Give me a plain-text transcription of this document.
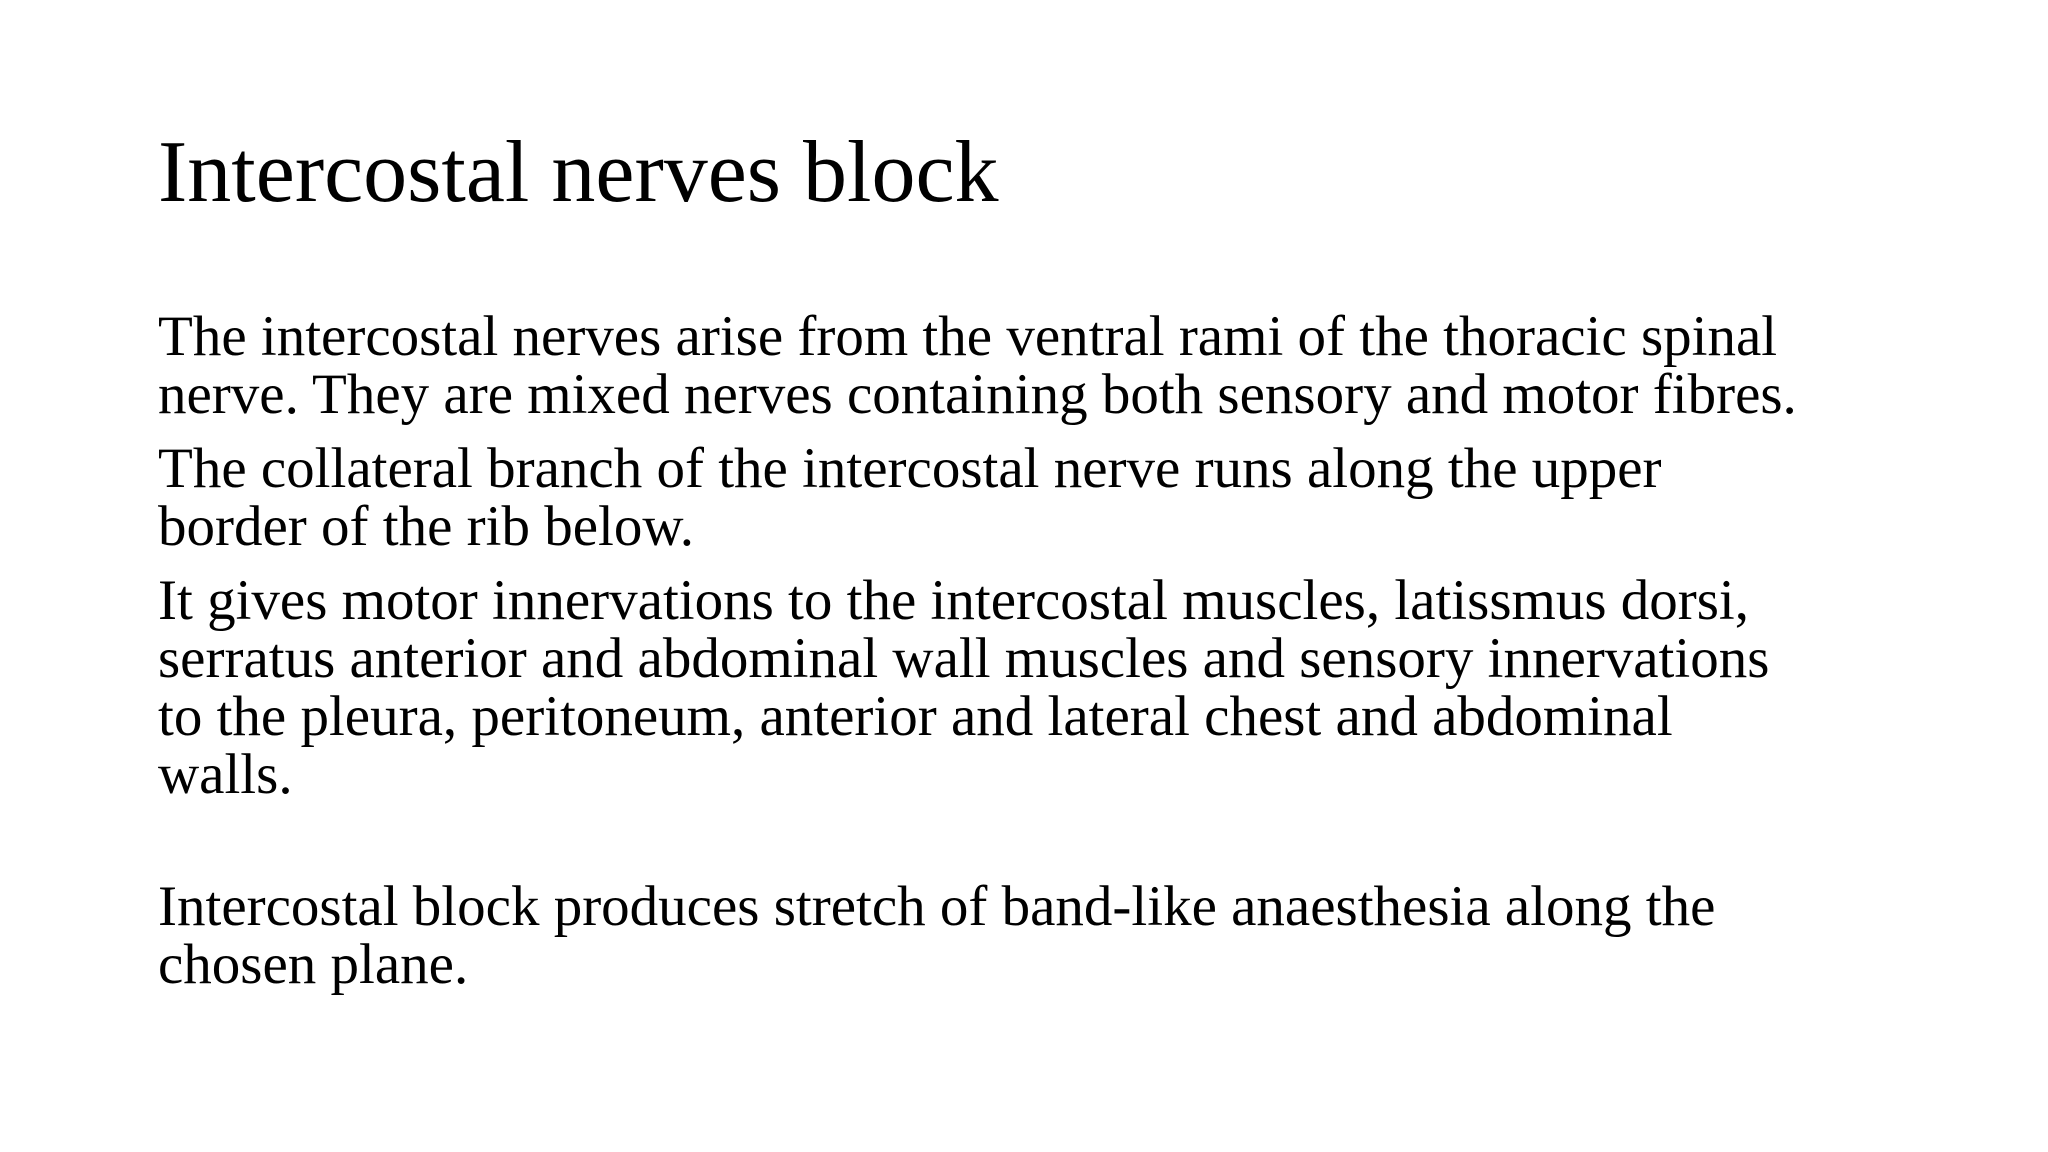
Intercostal nerves block

The intercostal nerves arise from the ventral rami of the thoracic spinal
nerve. They are mixed nerves containing both sensory and motor fibres.

The collateral branch of the intercostal nerve runs along the upper
border of the rib below.

It gives motor innervations to the intercostal muscles, latissmus dorsi,
serratus anterior and abdominal wall muscles and sensory innervations
to the pleura, peritoneum, anterior and lateral chest and abdominal
walls.

Intercostal block produces stretch of band-like anaesthesia along the
chosen plane.
